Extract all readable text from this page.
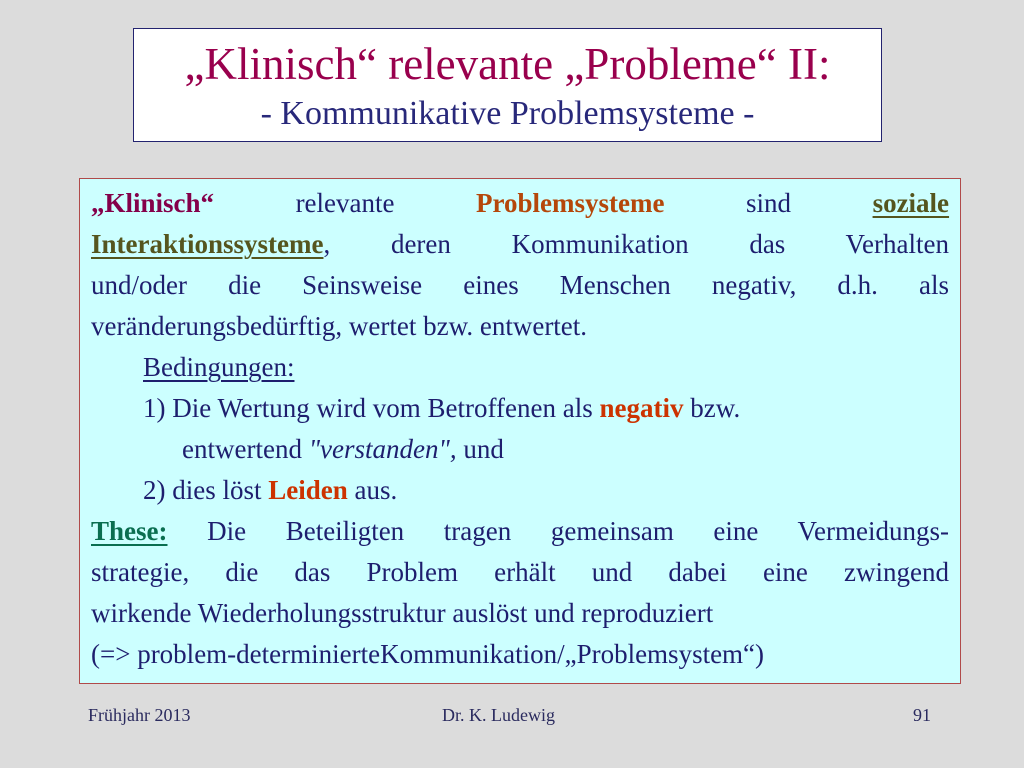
„Klinisch“ relevante „Probleme“ II:
- Kommunikative Problemsysteme -
„Klinisch“	relevante	Problemsysteme	sind	soziale
Interaktionssysteme, deren Kommunikation das Verhalten
und/oder die Seinsweise eines Menschen negativ, d.h. als
veränderungsbedürftig, wertet bzw. entwertet.
Bedingungen:
1) Die Wertung wird vom Betroffenen als negativ bzw.
entwertend "verstanden", und
2) dies löst Leiden aus.
These: Die Beteiligten tragen gemeinsam eine Vermeidungs-
strategie, die das Problem erhält und dabei eine zwingend
wirkende Wiederholungsstruktur auslöst und reproduziert
(=> problem-determinierteKommunikation/„Problemsystem“)
Frühjahr 2013	Dr. K. Ludewig	91
